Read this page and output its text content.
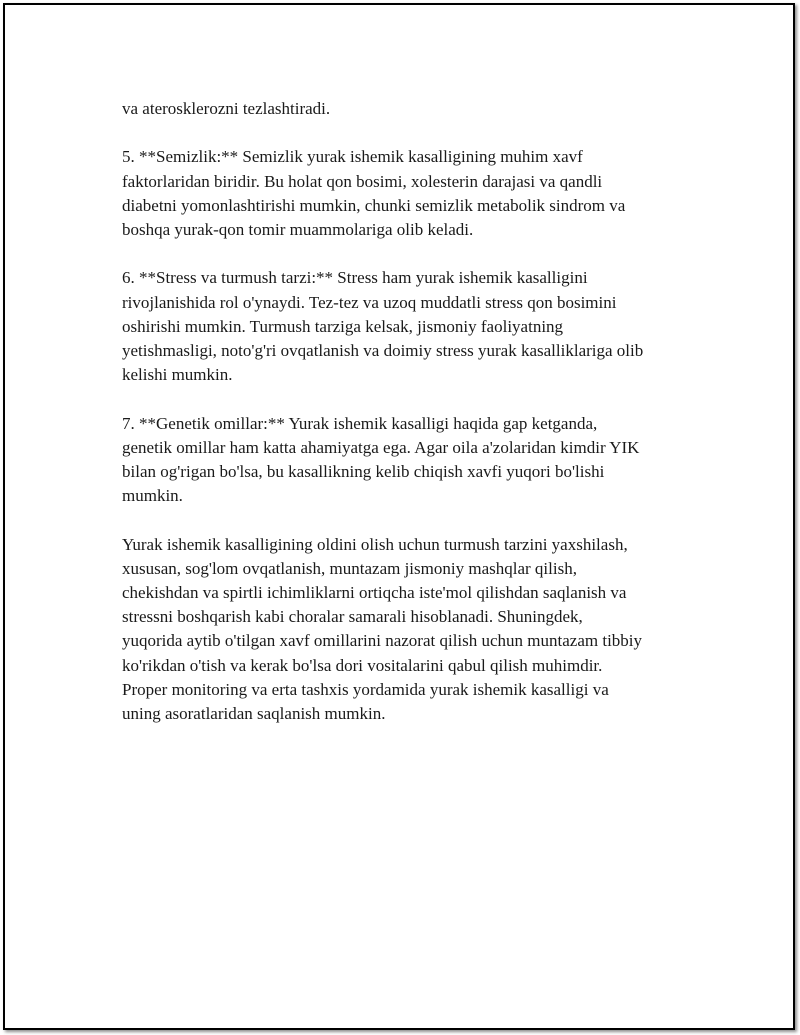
va aterosklerozni tezlashtiradi.

5. **Semizlik:** Semizlik yurak ishemik kasalligining muhim xavf
faktorlaridan biridir. Bu holat qon bosimi, xolesterin darajasi va qandli
diabetni yomonlashtirishi mumkin, chunki semizlik metabolik sindrom va
boshqa yurak-qon tomir muammolariga olib keladi.

6. **Stress va turmush tarzi:** Stress ham yurak ishemik kasalligini
rivojlanishida rol o'ynaydi. Tez-tez va uzoq muddatli stress qon bosimini
oshirishi mumkin. Turmush tarziga kelsak, jismoniy faoliyatning
yetishmasligi, noto'g'ri ovqatlanish va doimiy stress yurak kasalliklariga olib
kelishi mumkin.

7. **Genetik omillar:** Yurak ishemik kasalligi haqida gap ketganda,
genetik omillar ham katta ahamiyatga ega. Agar oila a'zolaridan kimdir YIK
bilan og'rigan bo'lsa, bu kasallikning kelib chiqish xavfi yuqori bo'lishi
mumkin.

Yurak ishemik kasalligining oldini olish uchun turmush tarzini yaxshilash,
xususan, sog'lom ovqatlanish, muntazam jismoniy mashqlar qilish,
chekishdan va spirtli ichimliklarni ortiqcha iste'mol qilishdan saqlanish va
stressni boshqarish kabi choralar samarali hisoblanadi. Shuningdek,
yuqorida aytib o'tilgan xavf omillarini nazorat qilish uchun muntazam tibbiy
ko'rikdan o'tish va kerak bo'lsa dori vositalarini qabul qilish muhimdir.
Proper monitoring va erta tashxis yordamida yurak ishemik kasalligi va
uning asoratlaridan saqlanish mumkin.
